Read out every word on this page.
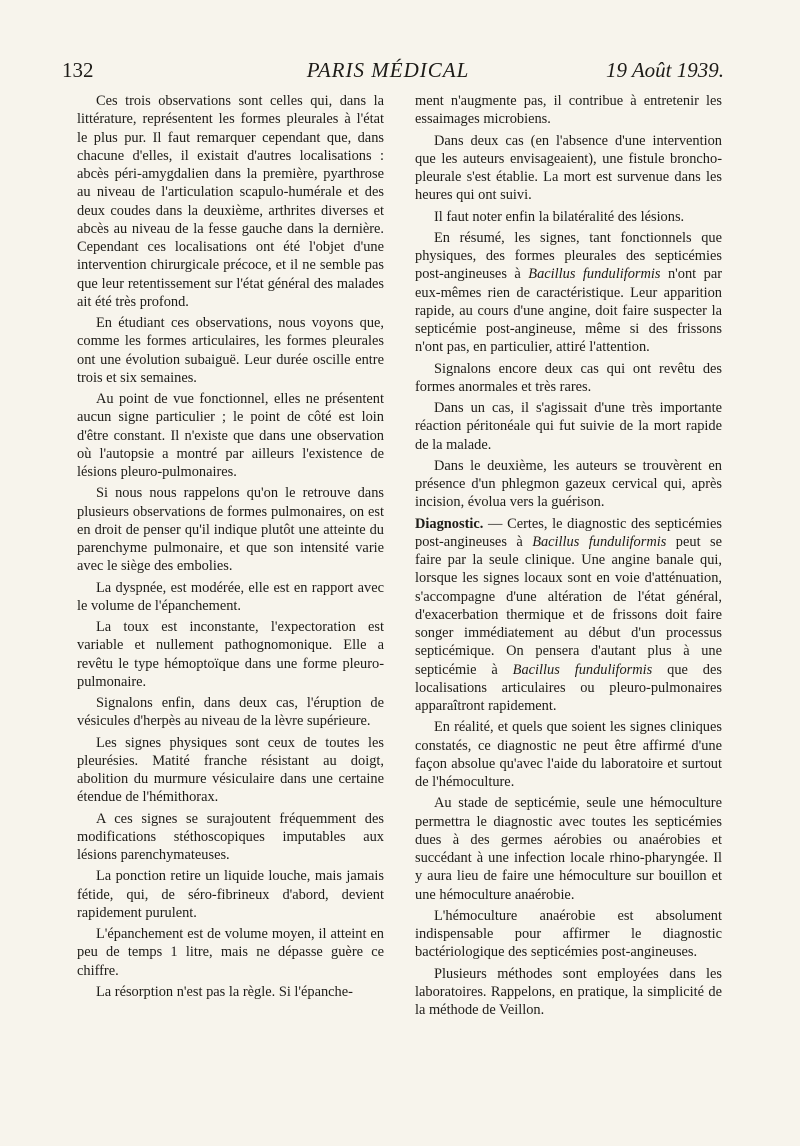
132	PARIS MÉDICAL	19 Août 1939.

Ces trois observations sont celles qui, dans la littérature, représentent les formes pleurales à l'état le plus pur. Il faut remarquer cependant que, dans chacune d'elles, il existait d'autres localisations : abcès péri-amygdalien dans la première, pyarthrose au niveau de l'articulation scapulo-humérale et des deux coudes dans la deuxième, arthrites diverses et abcès au niveau de la fesse gauche dans la dernière. Cependant ces localisations ont été l'objet d'une intervention chirurgicale précoce, et il ne semble pas que leur retentissement sur l'état général des malades ait été très profond.

En étudiant ces observations, nous voyons que, comme les formes articulaires, les formes pleurales ont une évolution subaiguë. Leur durée oscille entre trois et six semaines.

Au point de vue fonctionnel, elles ne présentent aucun signe particulier ; le point de côté est loin d'être constant. Il n'existe que dans une observation où l'autopsie a montré par ailleurs l'existence de lésions pleuro-pulmonaires.

Si nous nous rappelons qu'on le retrouve dans plusieurs observations de formes pulmonaires, on est en droit de penser qu'il indique plutôt une atteinte du parenchyme pulmonaire, et que son intensité varie avec le siège des embolies.

La dyspnée, est modérée, elle est en rapport avec le volume de l'épanchement.

La toux est inconstante, l'expectoration est variable et nullement pathognomonique. Elle a revêtu le type hémoptoïque dans une forme pleuro-pulmonaire.

Signalons enfin, dans deux cas, l'éruption de vésicules d'herpès au niveau de la lèvre supérieure.

Les signes physiques sont ceux de toutes les pleurésies. Matité franche résistant au doigt, abolition du murmure vésiculaire dans une certaine étendue de l'hémithorax.

A ces signes se surajoutent fréquemment des modifications stéthoscopiques imputables aux lésions parenchymateuses.

La ponction retire un liquide louche, mais jamais fétide, qui, de séro-fibrineux d'abord, devient rapidement purulent.

L'épanchement est de volume moyen, il atteint en peu de temps 1 litre, mais ne dépasse guère ce chiffre.

La résorption n'est pas la règle. Si l'épanche-

ment n'augmente pas, il contribue à entretenir les essaimages microbiens.

Dans deux cas (en l'absence d'une intervention que les auteurs envisageaient), une fistule broncho-pleurale s'est établie. La mort est survenue dans les heures qui ont suivi.

Il faut noter enfin la bilatéralité des lésions.

En résumé, les signes, tant fonctionnels que physiques, des formes pleurales des septicémies post-angineuses à Bacillus funduliformis n'ont par eux-mêmes rien de caractéristique. Leur apparition rapide, au cours d'une angine, doit faire suspecter la septicémie post-angineuse, même si des frissons n'ont pas, en particulier, attiré l'attention.

Signalons encore deux cas qui ont revêtu des formes anormales et très rares.

Dans un cas, il s'agissait d'une très importante réaction péritonéale qui fut suivie de la mort rapide de la malade.

Dans le deuxième, les auteurs se trouvèrent en présence d'un phlegmon gazeux cervical qui, après incision, évolua vers la guérison.

Diagnostic. — Certes, le diagnostic des septicémies post-angineuses à Bacillus funduliformis peut se faire par la seule clinique. Une angine banale qui, lorsque les signes locaux sont en voie d'atténuation, s'accompagne d'une altération de l'état général, d'exacerbation thermique et de frissons doit faire songer immédiatement au début d'un processus septicémique. On pensera d'autant plus à une septicémie à Bacillus funduliformis que des localisations articulaires ou pleuro-pulmonaires apparaîtront rapidement.

En réalité, et quels que soient les signes cliniques constatés, ce diagnostic ne peut être affirmé d'une façon absolue qu'avec l'aide du laboratoire et surtout de l'hémoculture.

Au stade de septicémie, seule une hémoculture permettra le diagnostic avec toutes les septicémies dues à des germes aérobies ou anaérobies et succédant à une infection locale rhino-pharyngée. Il y aura lieu de faire une hémoculture sur bouillon et une hémoculture anaérobie.

L'hémoculture anaérobie est absolument indispensable pour affirmer le diagnostic bactériologique des septicémies post-angineuses.

Plusieurs méthodes sont employées dans les laboratoires. Rappelons, en pratique, la simplicité de la méthode de Veillon.
